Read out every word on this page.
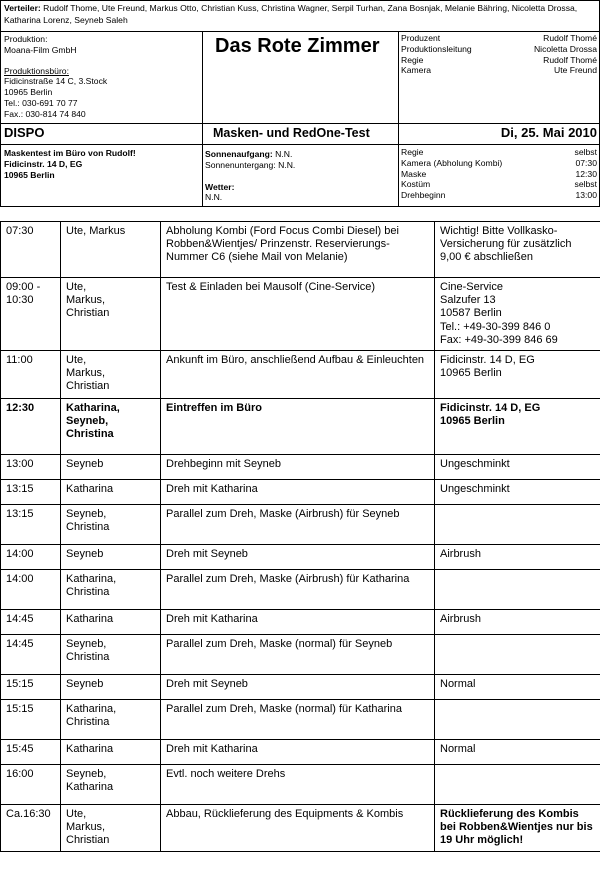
Verteiler: Rudolf Thome, Ute Freund, Markus Otto, Christian Kuss, Christina Wagner, Serpil Turhan, Zana Bosnjak, Melanie Bähring, Nicoletta Drossa, Katharina Lorenz, Seyneb Saleh
Produktion:
Moana-Film GmbH
Produktionsbüro:
Fidicinstraße 14 C, 3.Stock
10965 Berlin
Tel.: 030-691 70 77
Fax.: 030-814 74 840
Das Rote Zimmer	Produzent	Rudolf Thomé
Produktionsleitung	Nicoletta Drossa
Regie	Rudolf Thomé
Kamera	Ute Freund
DISPO	Masken- und RedOne-Test	Di, 25. Mai 2010
Maskentest im Büro von Rudolf!
Fidicinstr. 14 D, EG
10965 Berlin
Sonnenaufgang: N.N.
Sonnenuntergang: N.N.
Wetter:
N.N.
Regie	selbst
Kamera (Abholung Kombi)	07:30
Maske	12:30
Kostüm	selbst
Drehbeginn	13:00
07:30	Ute, Markus	Abholung Kombi (Ford Focus Combi Diesel) bei Robben&Wientjes/ Prinzenstr. Reservierungs-Nummer C6 (siehe Mail von Melanie)	Wichtig! Bitte Vollkasko-Versicherung für zusätzlich 9,00 € abschließen
09:00 -
10:30	Ute,
Markus,
Christian	Test & Einladen bei Mausolf (Cine-Service)	Cine-Service
Salzufer 13
10587 Berlin
Tel.: +49-30-399 846 0
Fax: +49-30-399 846 69
11:00	Ute,
Markus,
Christian	Ankunft im Büro, anschließend Aufbau & Einleuchten	Fidicinstr. 14 D, EG
10965 Berlin
12:30	Katharina,
Seyneb,
Christina	Eintreffen im Büro	Fidicinstr. 14 D, EG
10965 Berlin
13:00	Seyneb	Drehbeginn mit Seyneb	Ungeschminkt
13:15	Katharina	Dreh mit Katharina	Ungeschminkt
13:15	Seyneb,
Christina	Parallel zum Dreh, Maske (Airbrush) für Seyneb	
14:00	Seyneb	Dreh mit Seyneb	Airbrush
14:00	Katharina,
Christina	Parallel zum Dreh, Maske (Airbrush) für Katharina	
14:45	Katharina	Dreh mit Katharina	Airbrush
14:45	Seyneb,
Christina	Parallel zum Dreh, Maske (normal) für Seyneb	
15:15	Seyneb	Dreh mit Seyneb	Normal
15:15	Katharina,
Christina	Parallel zum Dreh, Maske (normal) für Katharina	
15:45	Katharina	Dreh mit Katharina	Normal
16:00	Seyneb,
Katharina	Evtl. noch weitere Drehs	
Ca.16:30	Ute,
Markus,
Christian	Abbau, Rücklieferung des Equipments & Kombis	Rücklieferung des Kombis bei Robben&Wientjes nur bis 19 Uhr möglich!
